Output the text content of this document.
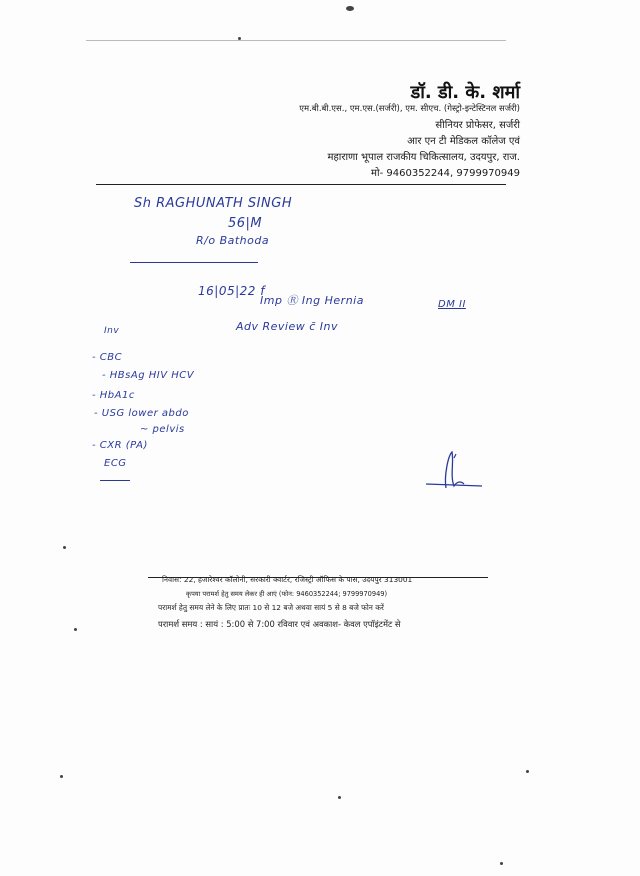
डॉ. डी. के. शर्मा
एम.बी.बी.एस., एम.एस.(सर्जरी), एम. सीएच. (गेस्ट्रो-इन्टेस्टिनल सर्जरी)
सीनियर प्रोफेसर, सर्जरी
आर एन टी मेडिकल कॉलेज एवं
महाराणा भूपाल राजकीय चिकित्सालय, उदयपुर, राज.
मो- 9460352244, 9799970949
Sh RAGHUNATH SINGH
56|M
R/o Bathoda
16|05|22 f
Imp Ⓡ Ing Hernia	DM II
Adv Review c̄ Inv
Inv
- CBC
- HBsAg HIV HCV
- HbA1c
- USG lower abdo
~ pelvis
- CXR (PA)
ECG
निवास: 22, हजारेश्वर कॉलोनी, सरकारी क्वार्टर, रजिस्ट्री ऑफिस के पास, उदयपुर 313001
कृपया परामर्श हेतु समय लेकर ही आएं (फोन: 9460352244; 9799970949)
परामर्श हेतु समय लेने के लिए प्रातः 10 से 12 बजे अथवा सायं 5 से 8 बजे फोन करें
परामर्श समय : सायं : 5:00 से 7:00 रविवार एवं अवकाश- केवल एपॉइंटमेंट से
